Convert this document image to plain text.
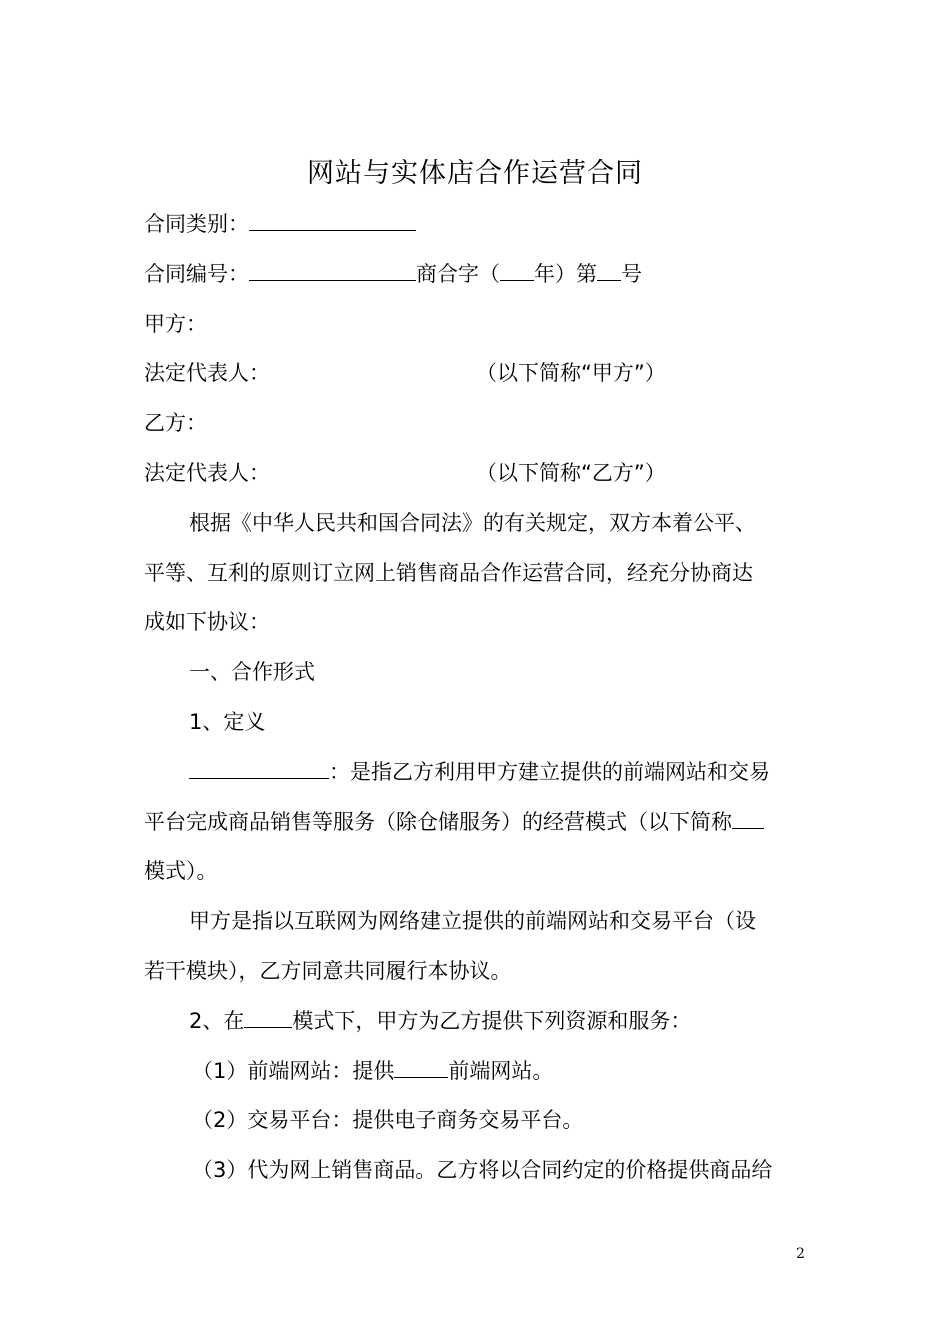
网站与实体店合作运营合同
合同类别：
合同编号：	商合字（ 年）第 号
甲方：
法定代表人：	（以下简称“甲方”）
乙方：
法定代表人：	（以下简称“乙方”）
根据《中华人民共和国合同法》的有关规定，双方本着公平、
平等、互利的原则订立网上销售商品合作运营合同，经充分协商达
成如下协议：
一、合作形式
1、定义
：是指乙方利用甲方建立提供的前端网站和交易
平台完成商品销售等服务（除仓储服务）的经营模式（以下简称
模式）。
甲方是指以互联网为网络建立提供的前端网站和交易平台（设
若干模块），乙方同意共同履行本协议。
2、在 模式下，甲方为乙方提供下列资源和服务：
（1）前端网站：提供	前端网站。
（2）交易平台：提供电子商务交易平台。
（3）代为网上销售商品。乙方将以合同约定的价格提供商品给
2
